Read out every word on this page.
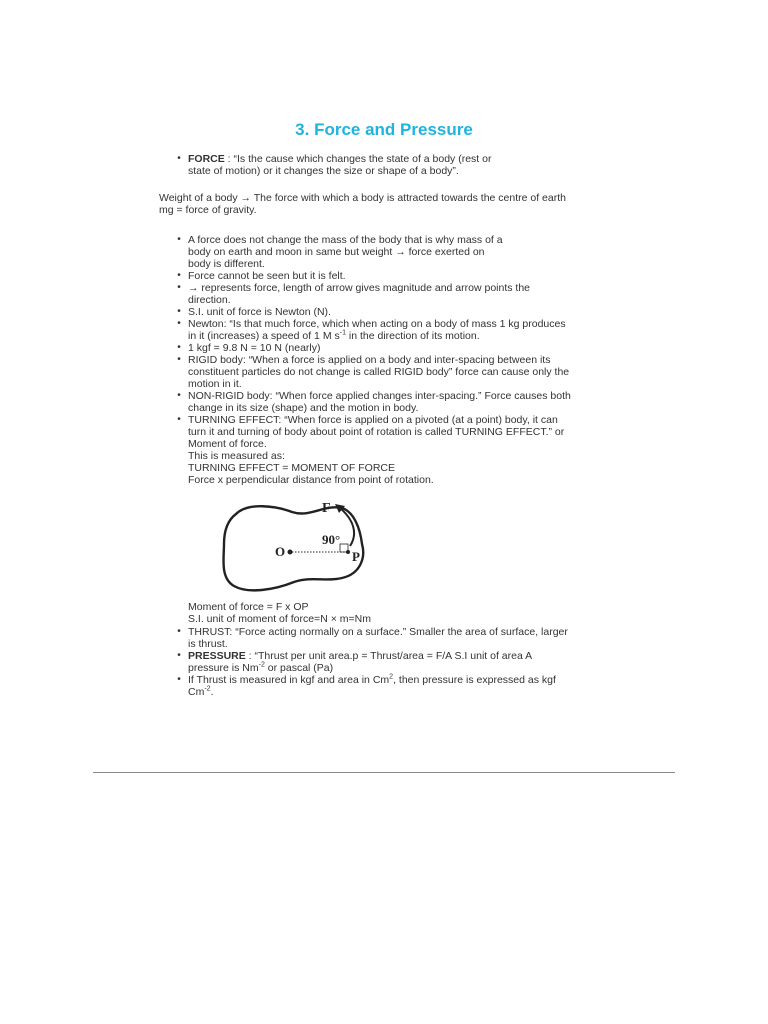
3. Force and Pressure
• FORCE : “Is the cause which changes the state of a body (rest or
state of motion) or it changes the size or shape of a body”.
Weight of a body → The force with which a body is attracted towards the centre of earth
mg = force of gravity.
• A force does not change the mass of the body that is why mass of a
body on earth and moon in same but weight → force exerted on
body is different.
• Force cannot be seen but it is felt.
• → represents force, length of arrow gives magnitude and arrow points the
direction.
• S.I. unit of force is Newton (N).
• Newton: “Is that much force, which when acting on a body of mass 1 kg produces
in it (increases) a speed of 1 M $s^{-1}$ in the direction of its motion.
• 1 kgf = 9.8 N = 10 N (nearly)
• RIGID body: “When a force is applied on a body and inter-spacing between its
constituent particles do not change is called RIGID body” force can cause only the
motion in it.
• NON-RIGID body: “When force applied changes inter-spacing.” Force causes both
change in its size (shape) and the motion in body.
• TURNING EFFECT: “When force is applied on a pivoted (at a point) body, it can
turn it and turning of body about point of rotation is called TURNING EFFECT.” or
Moment of force.
This is measured as:
TURNING EFFECT = MOMENT OF FORCE
Force x perpendicular distance from point of rotation.
F
90°
O	P
Moment of force = F x OP
S.I. unit of moment of force=N × m=Nm
• THRUST: “Force acting normally on a surface.” Smaller the area of surface, larger
is thrust.
• PRESSURE : “Thrust per unit area.p = Thrust/area = F/A S.I unit of area A
pressure is $Nm^{-2}$ or pascal (Pa)
• If Thrust is measured in kgf and area in Cm$^2$, then pressure is expressed as kgf
$Cm^{-2}$.
